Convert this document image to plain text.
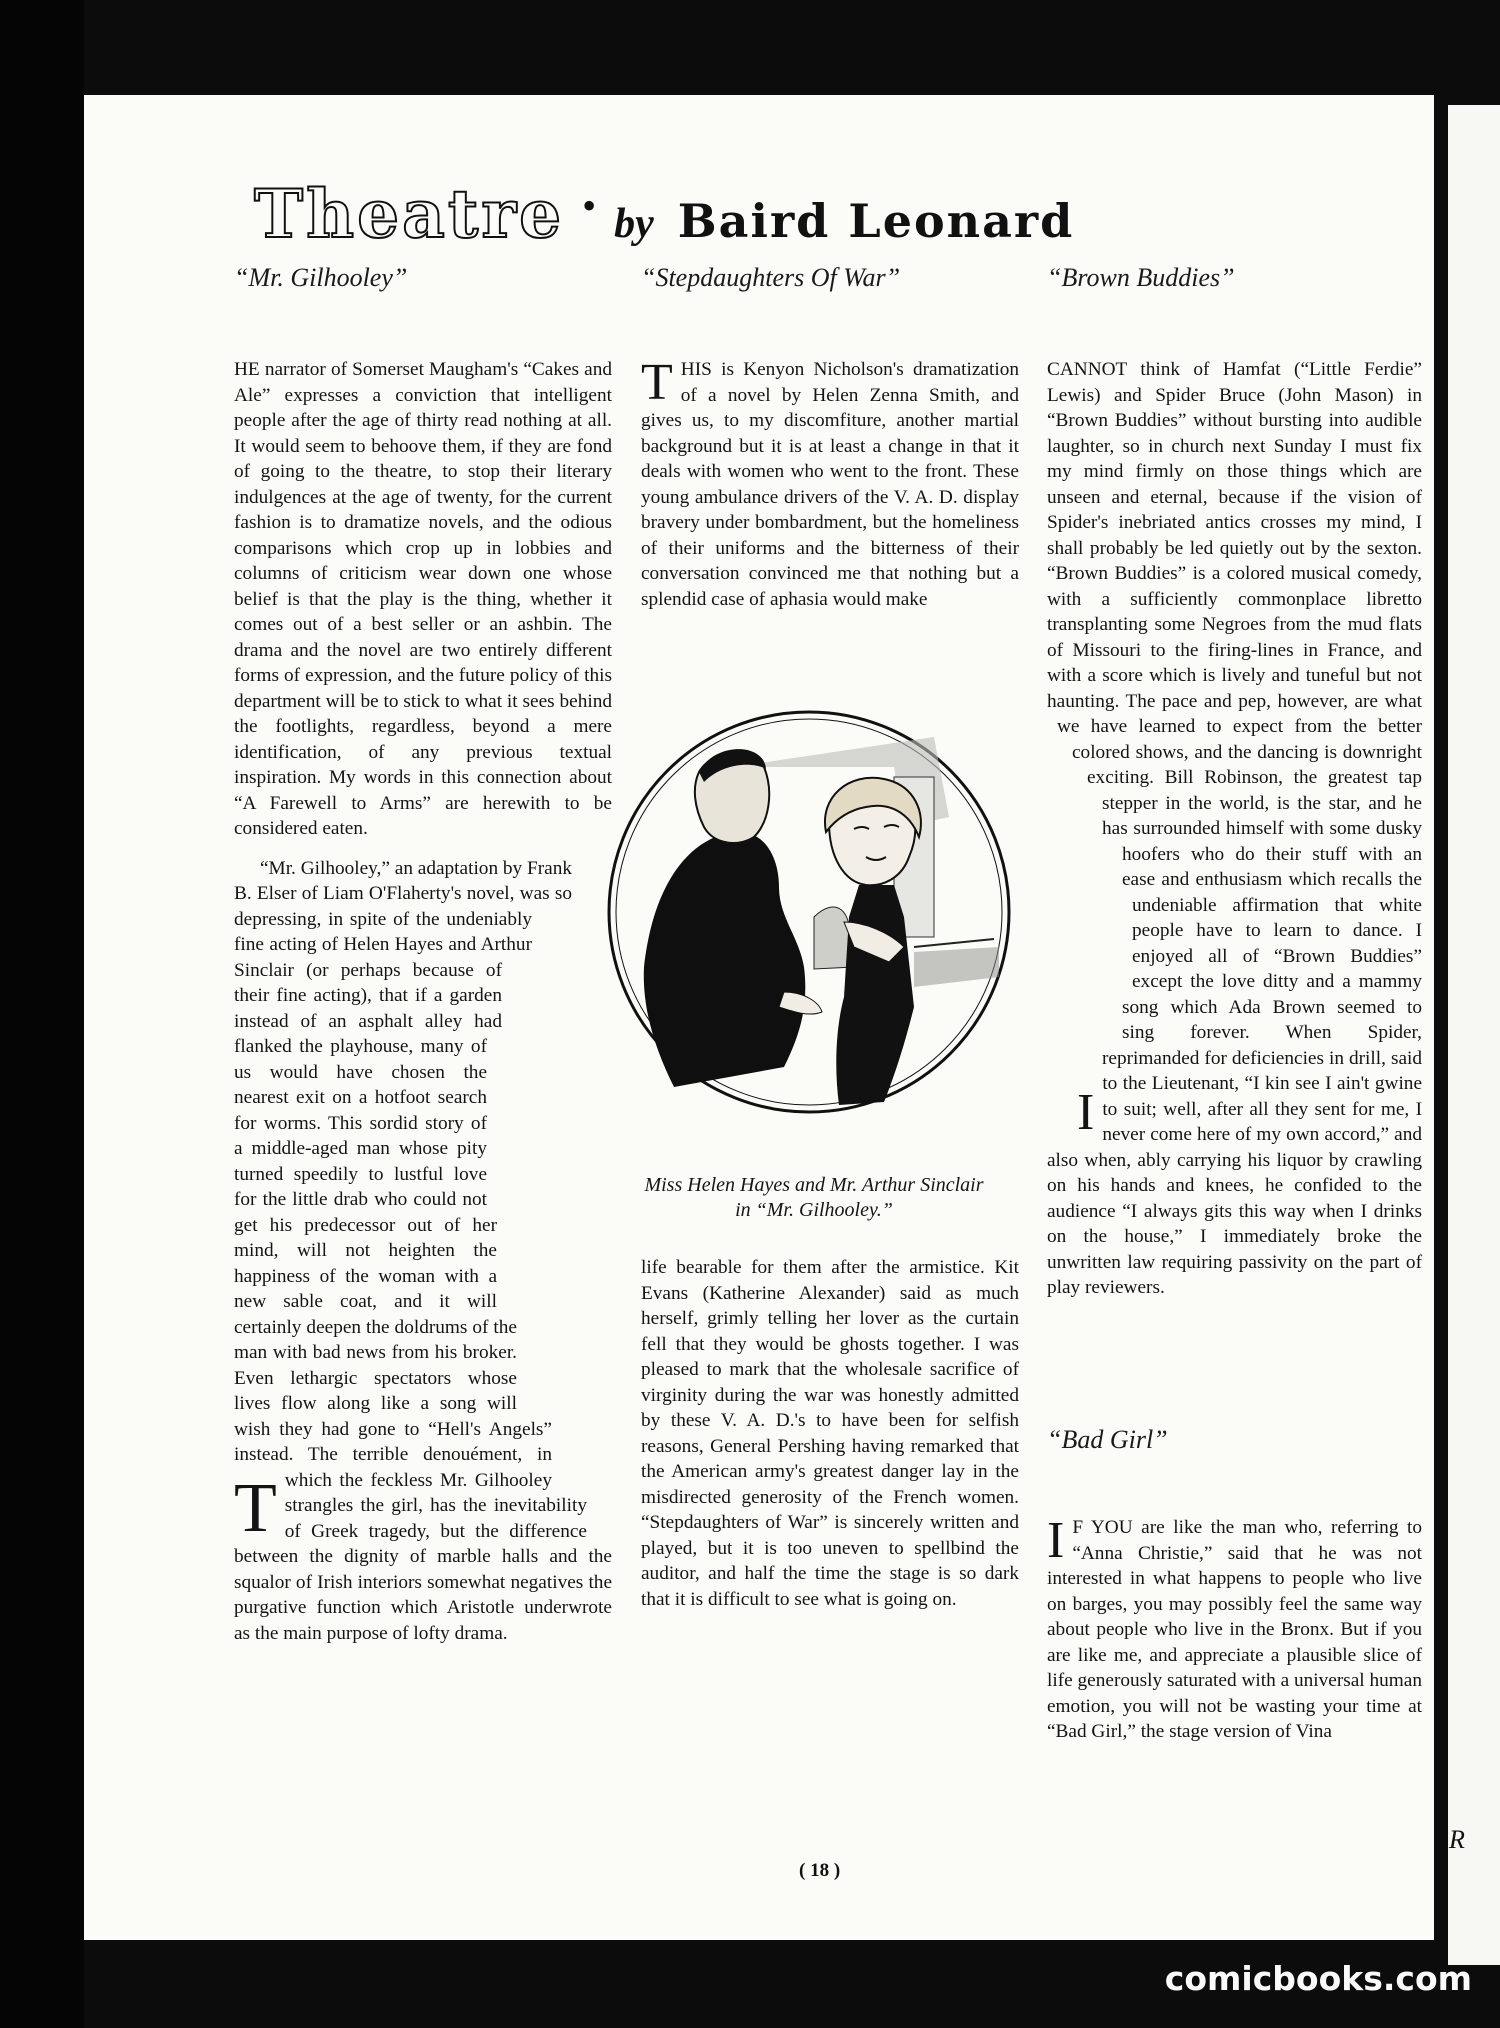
Theatre • by Baird Leonard
“Mr. Gilhooley”

T
HE narrator of Somerset Maugham's “Cakes and Ale” expresses a conviction that intelligent people after the age of thirty read nothing at all. It would seem to behoove them, if they are fond of going to the theatre, to stop their literary indulgences at the age of twenty, for the current fashion is to dramatize novels, and the odious comparisons which crop up in lobbies and columns of criticism wear down one whose belief is that the play is the thing, whether it comes out of a best seller or an ashbin. The drama and the novel are two entirely different forms of expression, and the future policy of this department will be to stick to what it sees behind the footlights, regardless, beyond a mere identification, of any previous textual inspiration. My words in this connection about “A Farewell to Arms” are herewith to be considered eaten.

“Mr. Gilhooley,” an adaptation by Frank B. Elser of Liam O'Flaherty's novel, was so depressing, in spite of the undeniably fine acting of Helen Hayes and Arthur Sinclair (or perhaps because of their fine acting), that if a garden instead of an asphalt alley had flanked the playhouse, many of us would have chosen the nearest exit on a hotfoot search for worms. This sordid story of a middle-aged man whose pity turned speedily to lustful love for the little drab who could not get his predecessor out of her mind, will not heighten the happiness of the woman with a new sable coat, and it will certainly deepen the doldrums of the man with bad news from his broker. Even lethargic spectators whose lives flow along like a song will wish they had gone to “Hell's Angels” instead. The terrible denouément, in which the feckless Mr. Gilhooley strangles the girl, has the inevitability of Greek tragedy, but the difference between the dignity of marble halls and the squalor of Irish interiors somewhat negatives the purgative function which Aristotle underwrote as the main purpose of lofty drama.

“Stepdaughters Of War”

THIS is Kenyon Nicholson's dramatization of a novel by Helen Zenna Smith, and gives us, to my discomfiture, another martial background but it is at least a change in that it deals with women who went to the front. These young ambulance drivers of the V. A. D. display bravery under bombardment, but the homeliness of their uniforms and the bitterness of their conversation convinced me that nothing but a splendid case of aphasia would make

Miss Helen Hayes and Mr. Arthur Sinclair in “Mr. Gilhooley.”

life bearable for them after the armistice. Kit Evans (Katherine Alexander) said as much herself, grimly telling her lover as the curtain fell that they would be ghosts together. I was pleased to mark that the wholesale sacrifice of virginity during the war was honestly admitted by these V. A. D.'s to have been for selfish reasons, General Pershing having remarked that the American army's greatest danger lay in the misdirected generosity of the French women. “Stepdaughters of War” is sincerely written and played, but it is too uneven to spellbind the auditor, and half the time the stage is so dark that it is difficult to see what is going on.

“Brown Buddies”

I
CANNOT think of Hamfat (“Little Ferdie” Lewis) and Spider Bruce (John Mason) in “Brown Buddies” without bursting into audible laughter, so in church next Sunday I must fix my mind firmly on those things which are unseen and eternal, because if the vision of Spider's inebriated antics crosses my mind, I shall probably be led quietly out by the sexton. “Brown Buddies” is a colored musical comedy, with a sufficiently commonplace libretto transplanting some Negroes from the mud flats of Missouri to the firing-lines in France, and with a score which is lively and tuneful but not haunting. The pace and pep, however, are what we have learned to expect from the better colored shows, and the dancing is downright exciting. Bill Robinson, the greatest tap stepper in the world, is the star, and he has surrounded himself with some dusky hoofers who do their stuff with an ease and enthusiasm which recalls the undeniable affirmation that white people have to learn to dance. I enjoyed all of “Brown Buddies” except the love ditty and a mammy song which Ada Brown seemed to sing forever. When Spider, reprimanded for deficiencies in drill, said to the Lieutenant, “I kin see I ain't gwine to suit; well, after all they sent for me, I never come here of my own accord,” and also when, ably carrying his liquor by crawling on his hands and knees, he confided to the audience “I always gits this way when I drinks on the house,” I immediately broke the unwritten law requiring passivity on the part of play reviewers.

“Bad Girl”

I F YOU are like the man who, referring to “Anna Christie,” said that he was not interested in what happens to people who live on barges, you may possibly feel the same way about people who live in the Bronx. But if you are like me, and appreciate a plausible slice of life generously saturated with a universal human emotion, you will not be wasting your time at “Bad Girl,” the stage version of Vina

( 18 )
R
comicbooks.com
